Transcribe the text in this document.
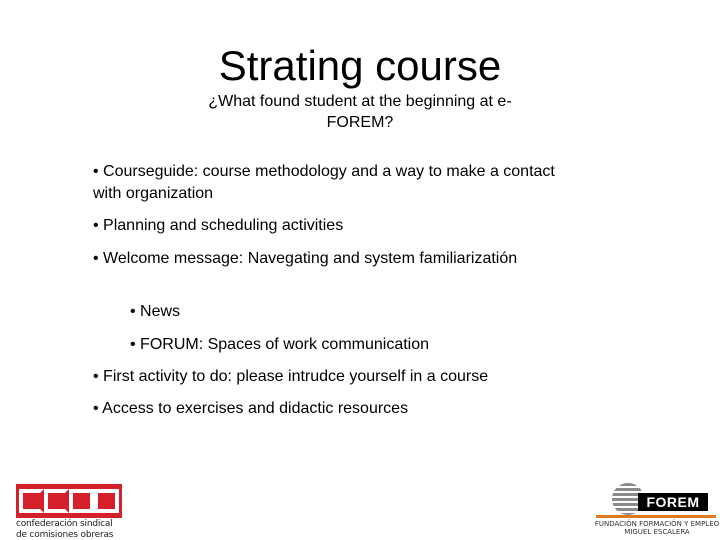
Strating course
¿What found student at the beginning at e-FOREM?
• Courseguide: course methodology and a way to make a contact with organization
• Planning and scheduling activities
• Welcome message: Navegating and system familiarizatión
• News
• FORUM: Spaces of work communication
• First activity to do: please intrudce yourself in a course
• Access to exercises and didactic resources
confederación sindical
de comisiones obreras
FOREM
FUNDACIÓN FORMACIÓN Y EMPLEO
MIGUEL ESCALERA
